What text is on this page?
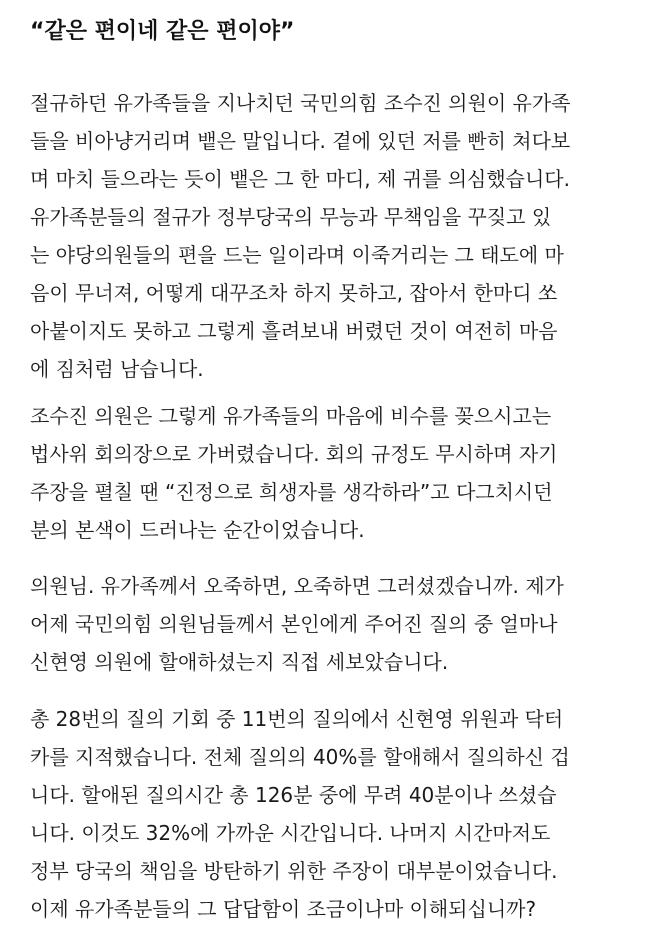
“같은 편이네 같은 편이야”
절규하던 유가족들을 지나치던 국민의힘 조수진 의원이 유가족
들을 비아냥거리며 뱉은 말입니다. 곁에 있던 저를 빤히 쳐다보
며 마치 들으라는 듯이 뱉은 그 한 마디, 제 귀를 의심했습니다.
유가족분들의 절규가 정부당국의 무능과 무책임을 꾸짖고 있
는 야당의원들의 편을 드는 일이라며 이죽거리는 그 태도에 마
음이 무너져, 어떻게 대꾸조차 하지 못하고, 잡아서 한마디 쏘
아붙이지도 못하고 그렇게 흘려보내 버렸던 것이 여전히 마음
에 짐처럼 남습니다.
조수진 의원은 그렇게 유가족들의 마음에 비수를 꽂으시고는
법사위 회의장으로 가버렸습니다. 회의 규정도 무시하며 자기
주장을 펼칠 땐 “진정으로 희생자를 생각하라”고 다그치시던
분의 본색이 드러나는 순간이었습니다.
의원님. 유가족께서 오죽하면, 오죽하면 그러셨겠습니까. 제가
어제 국민의힘 의원님들께서 본인에게 주어진 질의 중 얼마나
신현영 의원에 할애하셨는지 직접 세보았습니다.
총 28번의 질의 기회 중 11번의 질의에서 신현영 위원과 닥터
카를 지적했습니다. 전체 질의의 40%를 할애해서 질의하신 겁
니다. 할애된 질의시간 총 126분 중에 무려 40분이나 쓰셨습
니다. 이것도 32%에 가까운 시간입니다. 나머지 시간마저도
정부 당국의 책임을 방탄하기 위한 주장이 대부분이었습니다.
이제 유가족분들의 그 답답함이 조금이나마 이해되십니까?
